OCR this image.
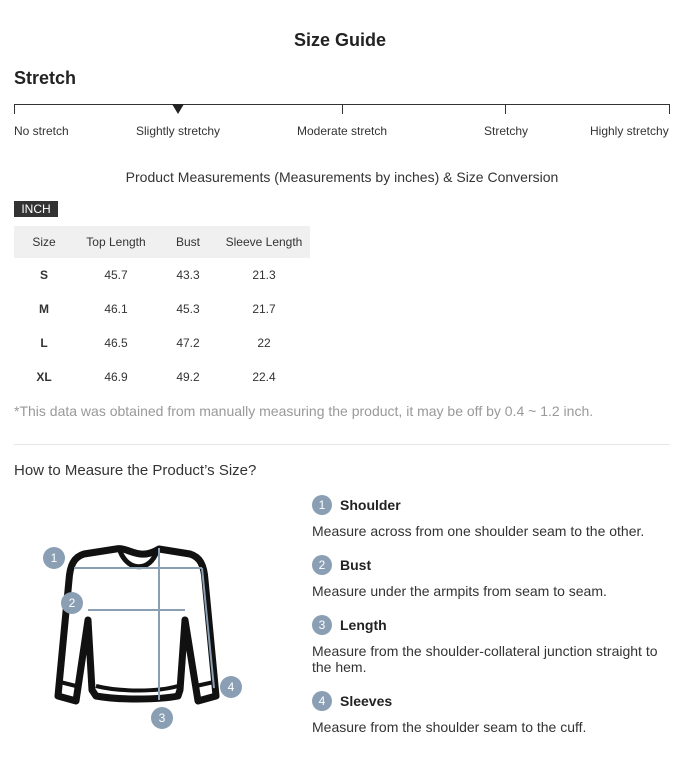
Size Guide
Stretch
No stretch	Slightly stretchy	Moderate stretch	Stretchy	Highly stretchy
Product Measurements (Measurements by inches) & Size Conversion
INCH
Size	Top Length	Bust	Sleeve Length
S	45.7	43.3	21.3
M	46.1	45.3	21.7
L	46.5	47.2	22
XL	46.9	49.2	22.4
*This data was obtained from manually measuring the product, it may be off by 0.4 ~ 1.2 inch.
How to Measure the Product’s Size?
1
2
3
4
1	Shoulder
Measure across from one shoulder seam to the other.
2	Bust
Measure under the armpits from seam to seam.
3	Length
Measure from the shoulder-collateral junction straight to the hem.
4	Sleeves
Measure from the shoulder seam to the cuff.
